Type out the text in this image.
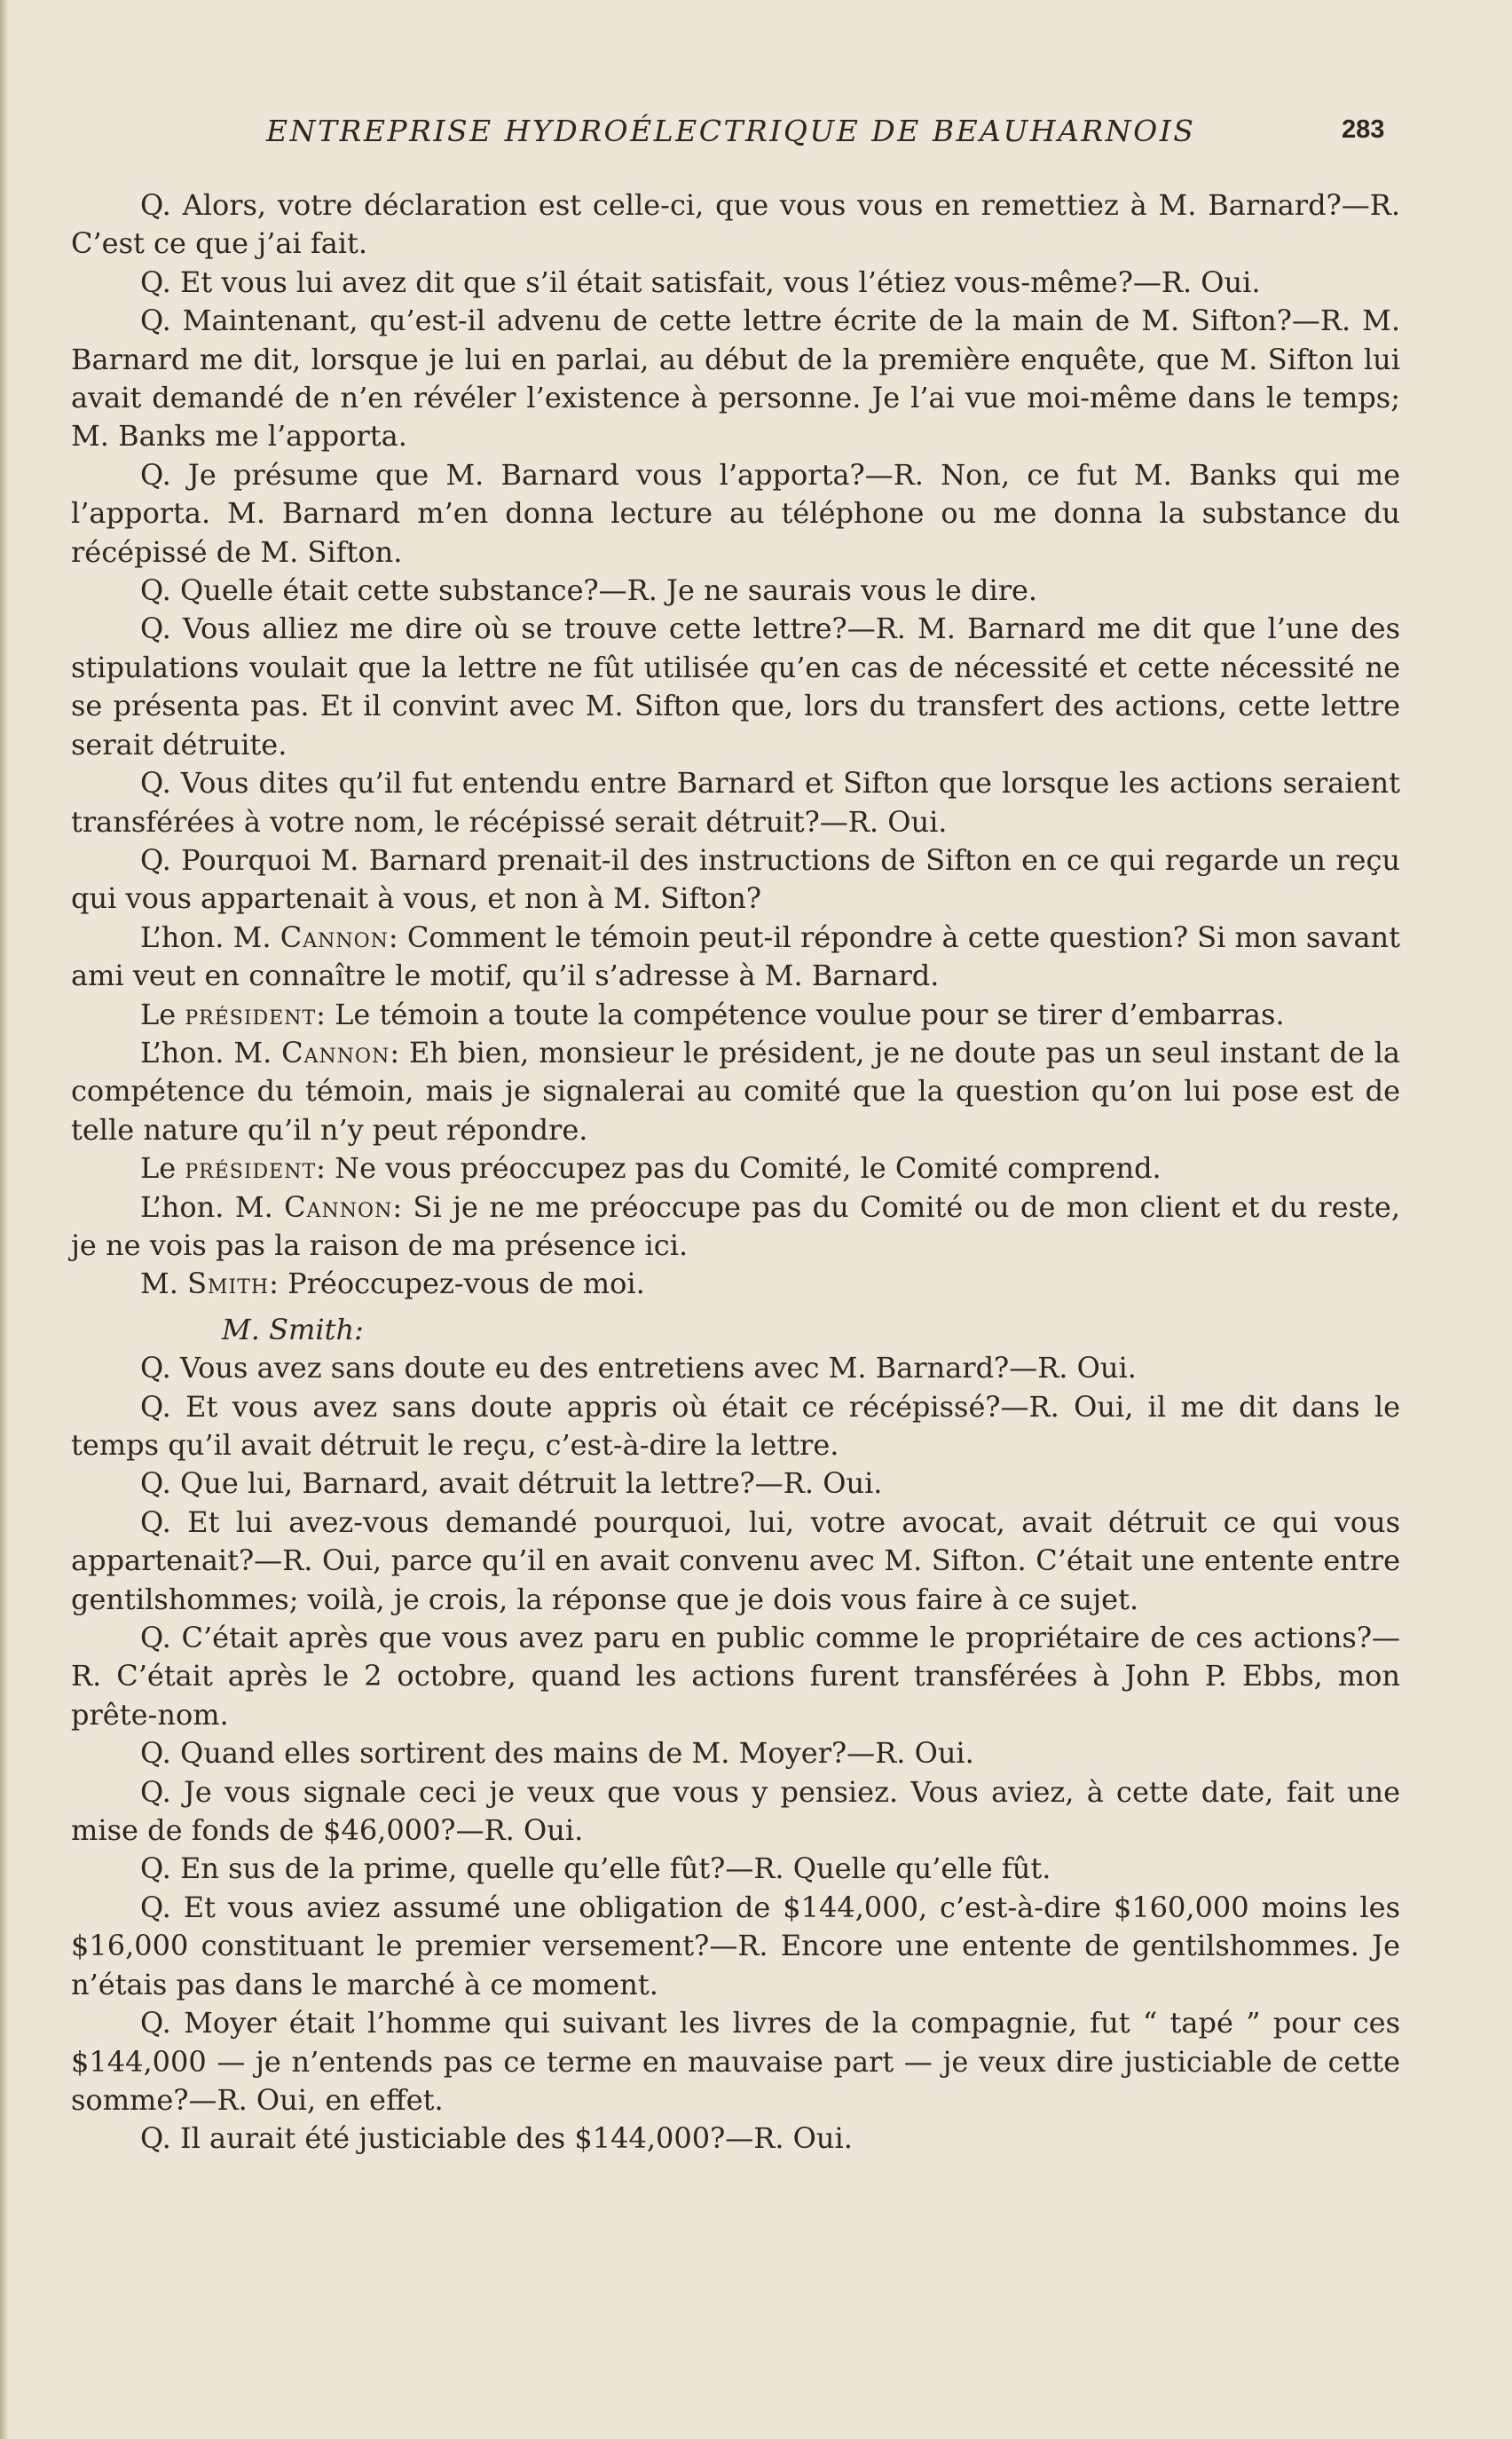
ENTREPRISE HYDROÉLECTRIQUE DE BEAUHARNOIS	283

Q. Alors, votre déclaration est celle-ci, que vous vous en remettiez à M. Barnard?—R. C’est ce que j’ai fait.

Q. Et vous lui avez dit que s’il était satisfait, vous l’étiez vous-même?—R. Oui.

Q. Maintenant, qu’est-il advenu de cette lettre écrite de la main de M. Sifton?—R. M. Barnard me dit, lorsque je lui en parlai, au début de la première enquête, que M. Sifton lui avait demandé de n’en révéler l’existence à personne. Je l’ai vue moi-même dans le temps; M. Banks me l’apporta.

Q. Je présume que M. Barnard vous l’apporta?—R. Non, ce fut M. Banks qui me l’apporta. M. Barnard m’en donna lecture au téléphone ou me donna la substance du récépissé de M. Sifton.

Q. Quelle était cette substance?—R. Je ne saurais vous le dire.

Q. Vous alliez me dire où se trouve cette lettre?—R. M. Barnard me dit que l’une des stipulations voulait que la lettre ne fût utilisée qu’en cas de nécessité et cette nécessité ne se présenta pas. Et il convint avec M. Sifton que, lors du transfert des actions, cette lettre serait détruite.

Q. Vous dites qu’il fut entendu entre Barnard et Sifton que lorsque les actions seraient transférées à votre nom, le récépissé serait détruit?—R. Oui.

Q. Pourquoi M. Barnard prenait-il des instructions de Sifton en ce qui regarde un reçu qui vous appartenait à vous, et non à M. Sifton?

L’hon. M. Cannon: Comment le témoin peut-il répondre à cette question? Si mon savant ami veut en connaître le motif, qu’il s’adresse à M. Barnard.

Le président: Le témoin a toute la compétence voulue pour se tirer d’embarras.

L’hon. M. Cannon: Eh bien, monsieur le président, je ne doute pas un seul instant de la compétence du témoin, mais je signalerai au comité que la question qu’on lui pose est de telle nature qu’il n’y peut répondre.

Le président: Ne vous préoccupez pas du Comité, le Comité comprend.

L’hon. M. Cannon: Si je ne me préoccupe pas du Comité ou de mon client et du reste, je ne vois pas la raison de ma présence ici.

M. Smith: Préoccupez-vous de moi.

M. Smith:

Q. Vous avez sans doute eu des entretiens avec M. Barnard?—R. Oui.

Q. Et vous avez sans doute appris où était ce récépissé?—R. Oui, il me dit dans le temps qu’il avait détruit le reçu, c’est-à-dire la lettre.

Q. Que lui, Barnard, avait détruit la lettre?—R. Oui.

Q. Et lui avez-vous demandé pourquoi, lui, votre avocat, avait détruit ce qui vous appartenait?—R. Oui, parce qu’il en avait convenu avec M. Sifton. C’était une entente entre gentilshommes; voilà, je crois, la réponse que je dois vous faire à ce sujet.

Q. C’était après que vous avez paru en public comme le propriétaire de ces actions?—R. C’était après le 2 octobre, quand les actions furent transférées à John P. Ebbs, mon prête-nom.

Q. Quand elles sortirent des mains de M. Moyer?—R. Oui.

Q. Je vous signale ceci je veux que vous y pensiez. Vous aviez, à cette date, fait une mise de fonds de $46,000?—R. Oui.

Q. En sus de la prime, quelle qu’elle fût?—R. Quelle qu’elle fût.

Q. Et vous aviez assumé une obligation de $144,000, c’est-à-dire $160,000 moins les $16,000 constituant le premier versement?—R. Encore une entente de gentilshommes. Je n’étais pas dans le marché à ce moment.

Q. Moyer était l’homme qui suivant les livres de la compagnie, fut “ tapé ” pour ces $144,000 — je n’entends pas ce terme en mauvaise part — je veux dire justiciable de cette somme?—R. Oui, en effet.

Q. Il aurait été justiciable des $144,000?—R. Oui.
